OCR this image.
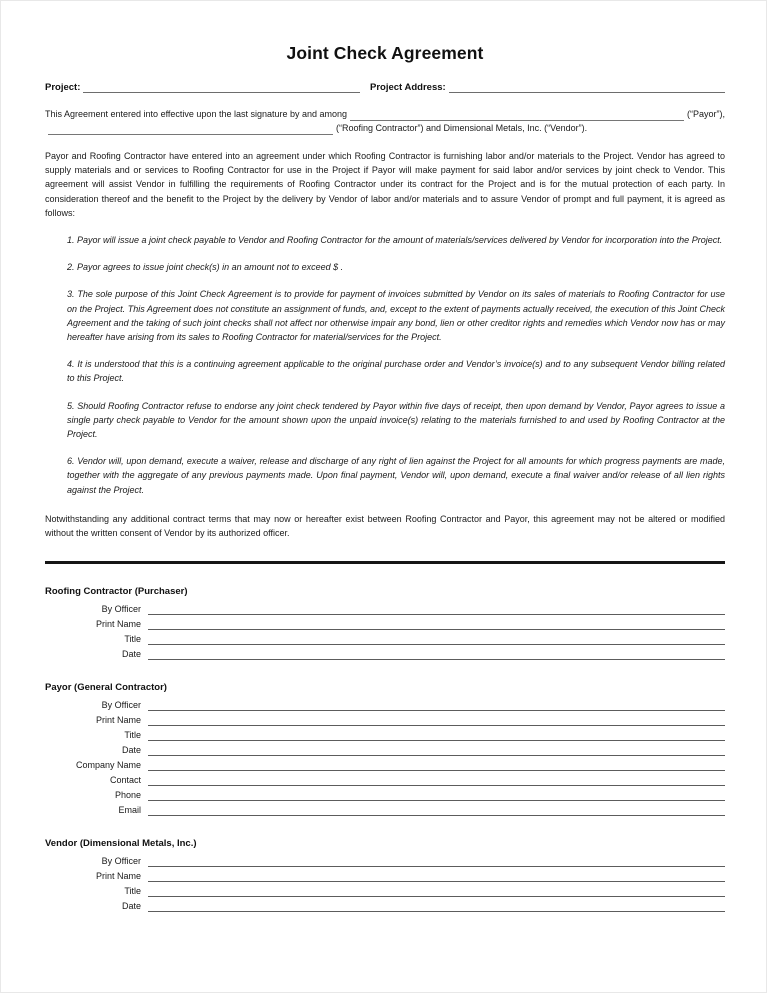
Joint Check Agreement
Project:	Project Address:
This Agreement entered into effective upon the last signature by and among	(“Payor”),
(“Roofing Contractor”) and Dimensional Metals, Inc. (“Vendor”).

Payor and Roofing Contractor have entered into an agreement under which Roofing Contractor is furnishing labor and/or materials to the Project. Vendor has agreed to supply materials and or services to Roofing Contractor for use in the Project if Payor will make payment for said labor and/or services by joint check to Vendor. This agreement will assist Vendor in fulfilling the requirements of Roofing Contractor under its contract for the Project and is for the mutual protection of each party. In consideration thereof and the benefit to the Project by the delivery by Vendor of labor and/or materials and to assure Vendor of prompt and full payment, it is agreed as follows:

1. Payor will issue a joint check payable to Vendor and Roofing Contractor for the amount of materials/services delivered by Vendor for incorporation into the Project.

2. Payor agrees to issue joint check(s) in an amount not to exceed $ .

3. The sole purpose of this Joint Check Agreement is to provide for payment of invoices submitted by Vendor on its sales of materials to Roofing Contractor for use on the Project. This Agreement does not constitute an assignment of funds, and, except to the extent of payments actually received, the execution of this Joint Check Agreement and the taking of such joint checks shall not affect nor otherwise impair any bond, lien or other creditor rights and remedies which Vendor now has or may hereafter have arising from its sales to Roofing Contractor for material/services for the Project.

4. It is understood that this is a continuing agreement applicable to the original purchase order and Vendor’s invoice(s) and to any subsequent Vendor billing related to this Project.

5. Should Roofing Contractor refuse to endorse any joint check tendered by Payor within five days of receipt, then upon demand by Vendor, Payor agrees to issue a single party check payable to Vendor for the amount shown upon the unpaid invoice(s) relating to the materials furnished to and used by Roofing Contractor at the Project.

6. Vendor will, upon demand, execute a waiver, release and discharge of any right of lien against the Project for all amounts for which progress payments are made, together with the aggregate of any previous payments made. Upon final payment, Vendor will, upon demand, execute a final waiver and/or release of all lien rights against the Project.

Notwithstanding any additional contract terms that may now or hereafter exist between Roofing Contractor and Payor, this agreement may not be altered or modified without the written consent of Vendor by its authorized officer.

Roofing Contractor (Purchaser)
By Officer
Print Name
Title
Date
Payor (General Contractor)
By Officer
Print Name
Title
Date
Company Name
Contact
Phone
Email
Vendor (Dimensional Metals, Inc.)
By Officer
Print Name
Title
Date
